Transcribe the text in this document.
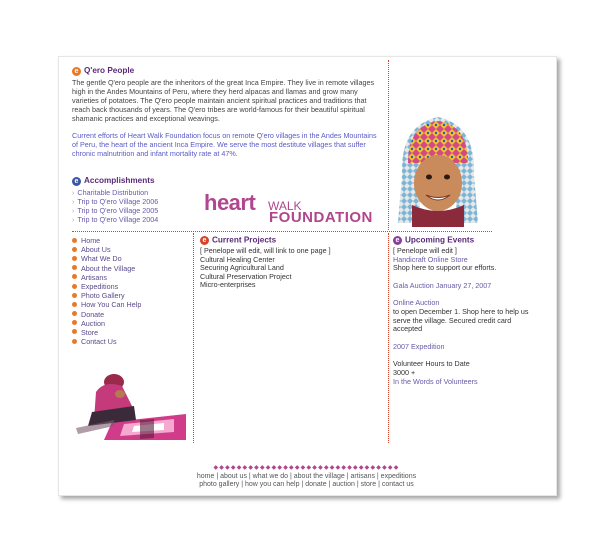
e Q'ero People
The gentle Q'ero people are the inheritors of the great Inca Empire. They live in remote villages high in the Andes Mountains of Peru, where they herd alpacas and llamas and grow many varieties of potatoes. The Q'ero people maintain ancient spiritual practices and traditions that reach back thousands of years. The Q'ero tribes are world-famous for their beautiful spiritual shamanic practices and exceptional weavings.
Current efforts of Heart Walk Foundation focus on remote Q'ero villages in the Andes Mountains of Peru, the heart of the ancient Inca Empire. We serve the most destitute villages that suffer chronic malnutrition and infant mortality rate at 47%.
e Accomplishments
› Charitable Distribution
› Trip to Q'ero Village 2006
› Trip to Q'ero Village 2005
› Trip to Q'ero Village 2004
heart WALK
FOUNDATION
Home
About Us
What We Do
About the Village
Artisans
Expeditions
Photo Gallery
How You Can Help
Donate
Auction
Store
Contact Us
e Current Projects
[ Penelope will edit, will link to one page ]
Cultural Healing Center
Securing Agricultural Land
Cultural Preservation Project
Micro-enterprises
e Upcoming Events
[ Penelope will edit ]
Handicraft Online Store
Shop here to support our efforts.
Gala Auction January 27, 2007
Online Auction
to open December 1. Shop here to help us serve the village. Secured credit card accepted
2007 Expedition
Volunteer Hours to Date
3000 +
In the Words of Volunteers
◆◆◆◆◆◆◆◆◆◆◆◆◆◆◆◆◆◆◆◆◆◆◆◆◆◆◆◆◆◆◆◆
home | about us | what we do | about the village | artisans | expeditions
photo gallery | how you can help | donate | auction | store | contact us
